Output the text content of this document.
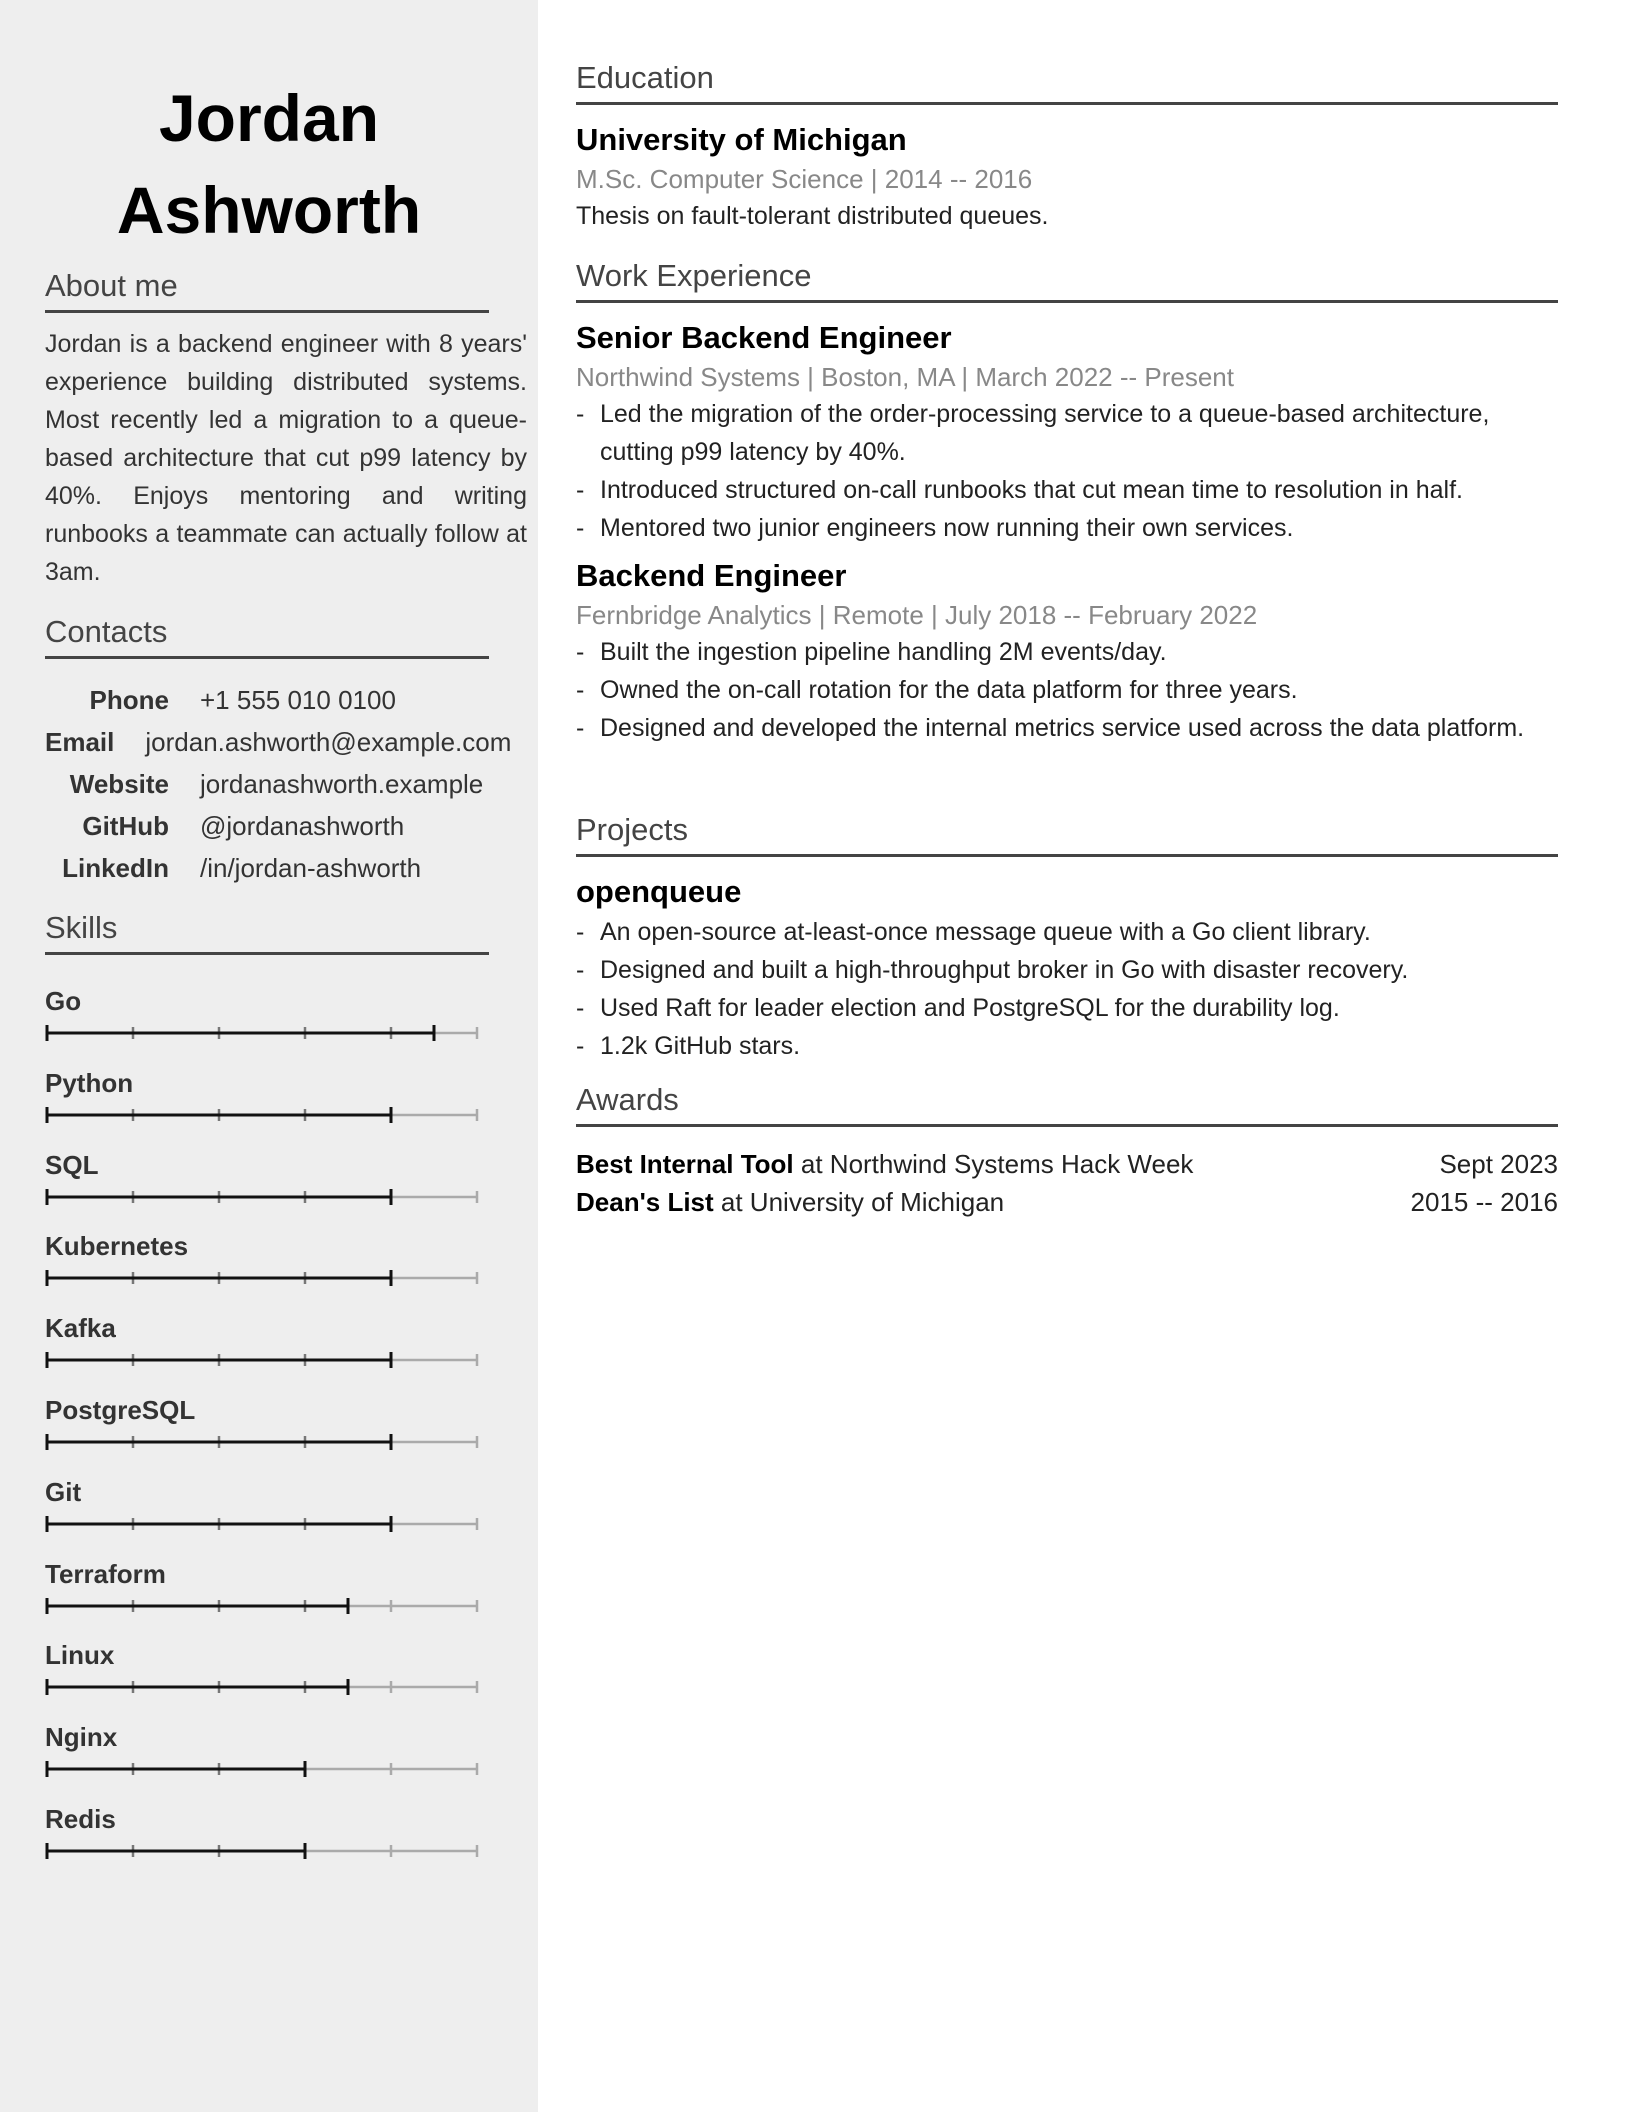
Jordan
Ashworth
About me
Jordan is a backend engineer with 8 years' experience building distributed systems. Most recently led a migration to a queue-based architecture that cut p99 latency by 40%. Enjoys mentoring and writing runbooks a teammate can actually follow at 3am.
Contacts
Phone +1 555 010 0100
Email jordan.ashworth@example.com
Website jordanashworth.example
GitHub @jordanashworth
LinkedIn /in/jordan-ashworth
Skills
Go
Python
SQL
Kubernetes
Kafka
PostgreSQL
Git
Terraform
Linux
Nginx
Redis
Education
University of Michigan
M.Sc. Computer Science | 2014 -- 2016
Thesis on fault-tolerant distributed queues.
Work Experience
Senior Backend Engineer
Northwind Systems | Boston, MA | March 2022 -- Present
- Led the migration of the order-processing service to a queue-based architecture, cutting p99 latency by 40%.
- Introduced structured on-call runbooks that cut mean time to resolution in half.
- Mentored two junior engineers now running their own services.
Backend Engineer
Fernbridge Analytics | Remote | July 2018 -- February 2022
- Built the ingestion pipeline handling 2M events/day.
- Owned the on-call rotation for the data platform for three years.
- Designed and developed the internal metrics service used across the data platform.
Projects
openqueue
- An open-source at-least-once message queue with a Go client library.
- Designed and built a high-throughput broker in Go with disaster recovery.
- Used Raft for leader election and PostgreSQL for the durability log.
- 1.2k GitHub stars.
Awards
Best Internal Tool at Northwind Systems Hack Week	Sept 2023
Dean's List at University of Michigan	2015 -- 2016
